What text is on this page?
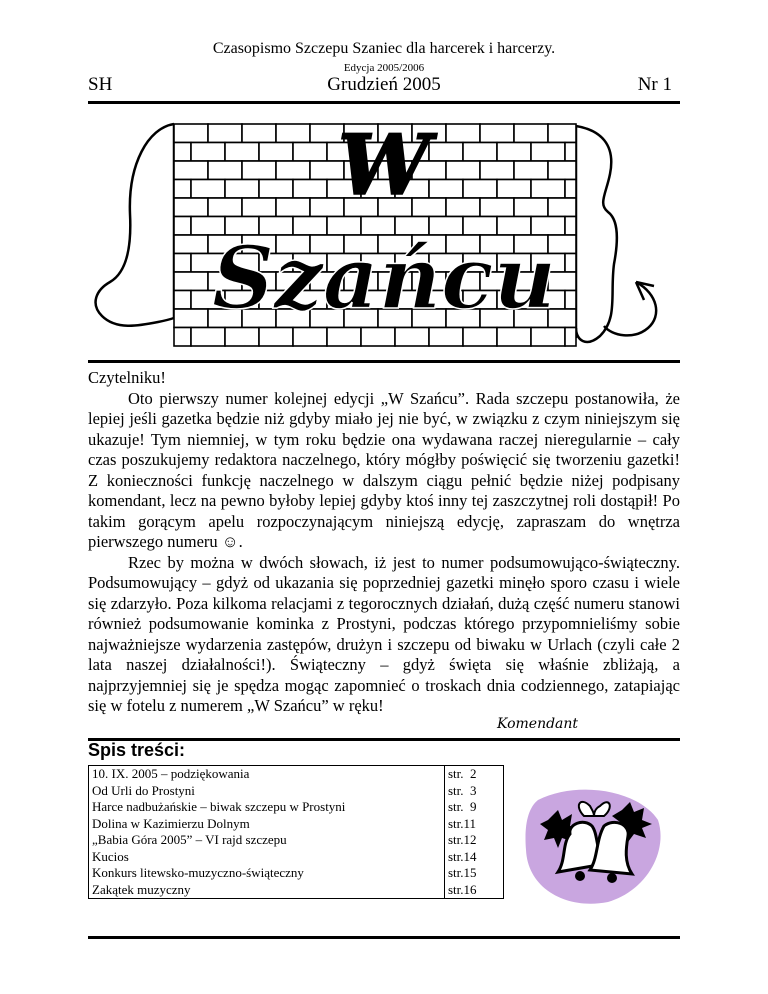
Czasopismo Szczepu Szaniec dla harcerek i harcerzy.
Edycja 2005/2006
SH	Grudzień 2005	Nr 1
W
Szańcu

Czytelniku!

Oto pierwszy numer kolejnej edycji „W Szańcu”. Rada szczepu postanowiła, że lepiej jeśli gazetka będzie niż gdyby miało jej nie być, w związku z czym niniejszym się ukazuje! Tym niemniej, w tym roku będzie ona wydawana raczej nieregularnie – cały czas poszukujemy redaktora naczelnego, który mógłby poświęcić się tworzeniu gazetki! Z konieczności funkcję naczelnego w dalszym ciągu pełnić będzie niżej podpisany komendant, lecz na pewno byłoby lepiej gdyby ktoś inny tej zaszczytnej roli dostąpił! Po takim gorącym apelu rozpoczynającym niniejszą edycję, zapraszam do wnętrza pierwszego numeru ☺.

Rzec by można w dwóch słowach, iż jest to numer podsumowująco-świąteczny. Podsumowujący – gdyż od ukazania się poprzedniej gazetki minęło sporo czasu i wiele się zdarzyło. Poza kilkoma relacjami z tegorocznych działań, dużą część numeru stanowi również podsumowanie kominka z Prostyni, podczas którego przypomnieliśmy sobie najważniejsze wydarzenia zastępów, drużyn i szczepu od biwaku w Urlach (czyli całe 2 lata naszej działalności!). Świąteczny – gdyż święta się właśnie zbliżają, a najprzyjemniej się je spędza mogąc zapomnieć o troskach dnia codziennego, zatapiając się w fotelu z numerem „W Szańcu” w ręku!

Komendant
Spis treści:
10. IX. 2005 – podziękowania	str.  2
Od Urli do Prostyni	str.  3
Harce nadbużańskie – biwak szczepu w Prostyni	str.  9
Dolina w Kazimierzu Dolnym	str.11
„Babia Góra 2005” – VI rajd szczepu	str.12
Kucios	str.14
Konkurs litewsko-muzyczno-świąteczny	str.15
Zakątek muzyczny	str.16
